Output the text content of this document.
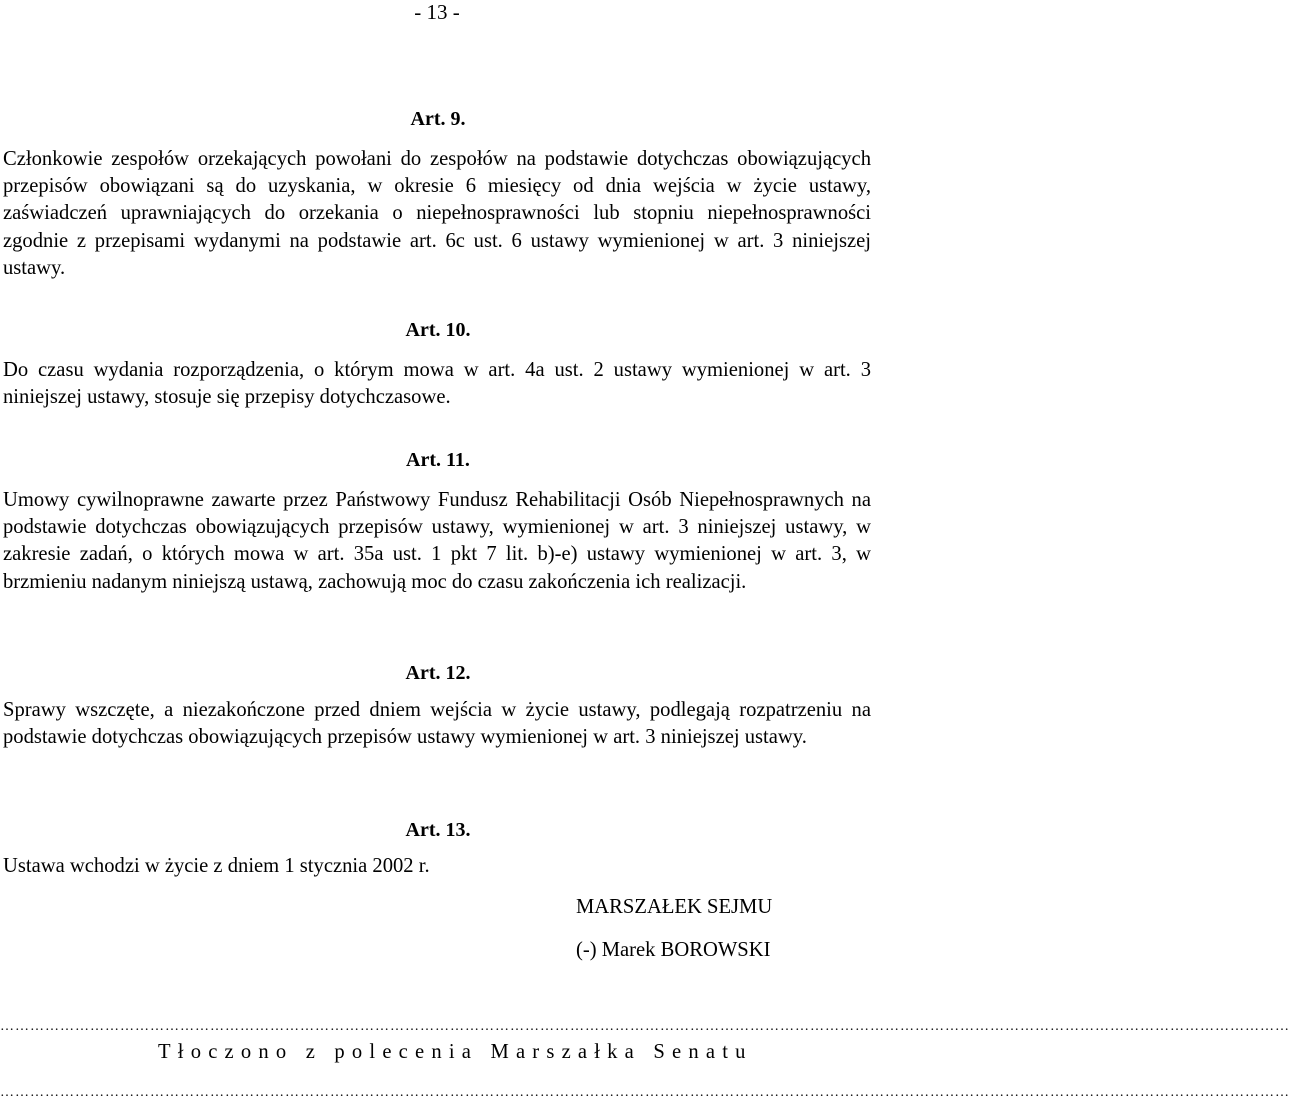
- 13 -
Art. 9.

Członkowie zespołów orzekających powołani do zespołów na podstawie dotychczas obowiązujących przepisów obowiązani są do uzyskania, w okresie 6 miesięcy od dnia wejścia w życie ustawy, zaświadczeń uprawniających do orzekania o niepełnosprawności lub stopniu niepełnosprawności zgodnie z przepisami wydanymi na podstawie art. 6c ust. 6 ustawy wymienionej w art. 3 niniejszej ustawy.

Art. 10.

Do czasu wydania rozporządzenia, o którym mowa w art. 4a ust. 2 ustawy wymienionej w art. 3 niniejszej ustawy, stosuje się przepisy dotychczasowe.

Art. 11.

Umowy cywilnoprawne zawarte przez Państwowy Fundusz Rehabilitacji Osób Niepełnosprawnych na podstawie dotychczas obowiązujących przepisów ustawy, wymienionej w art. 3 niniejszej ustawy, w zakresie zadań, o których mowa w art. 35a ust. 1 pkt 7 lit. b)-e) ustawy wymienionej w art. 3, w brzmieniu nadanym niniejszą ustawą, zachowują moc do czasu zakończenia ich realizacji.

Art. 12.

Sprawy wszczęte, a niezakończone przed dniem wejścia w życie ustawy, podlegają rozpatrzeniu na podstawie dotychczas obowiązujących przepisów ustawy wymienionej w art. 3 niniejszej ustawy.

Art. 13.

Ustawa wchodzi w życie z dniem 1 stycznia 2002 r.

MARSZAŁEK SEJMU
(-) Marek BOROWSKI
……………………………………………………………………………………………………………………………………………………………………………………………………………………………………
Tłoczono z polecenia Marszałka Senatu
……………………………………………………………………………………………………………………………………………………………………………………………………………………………………
